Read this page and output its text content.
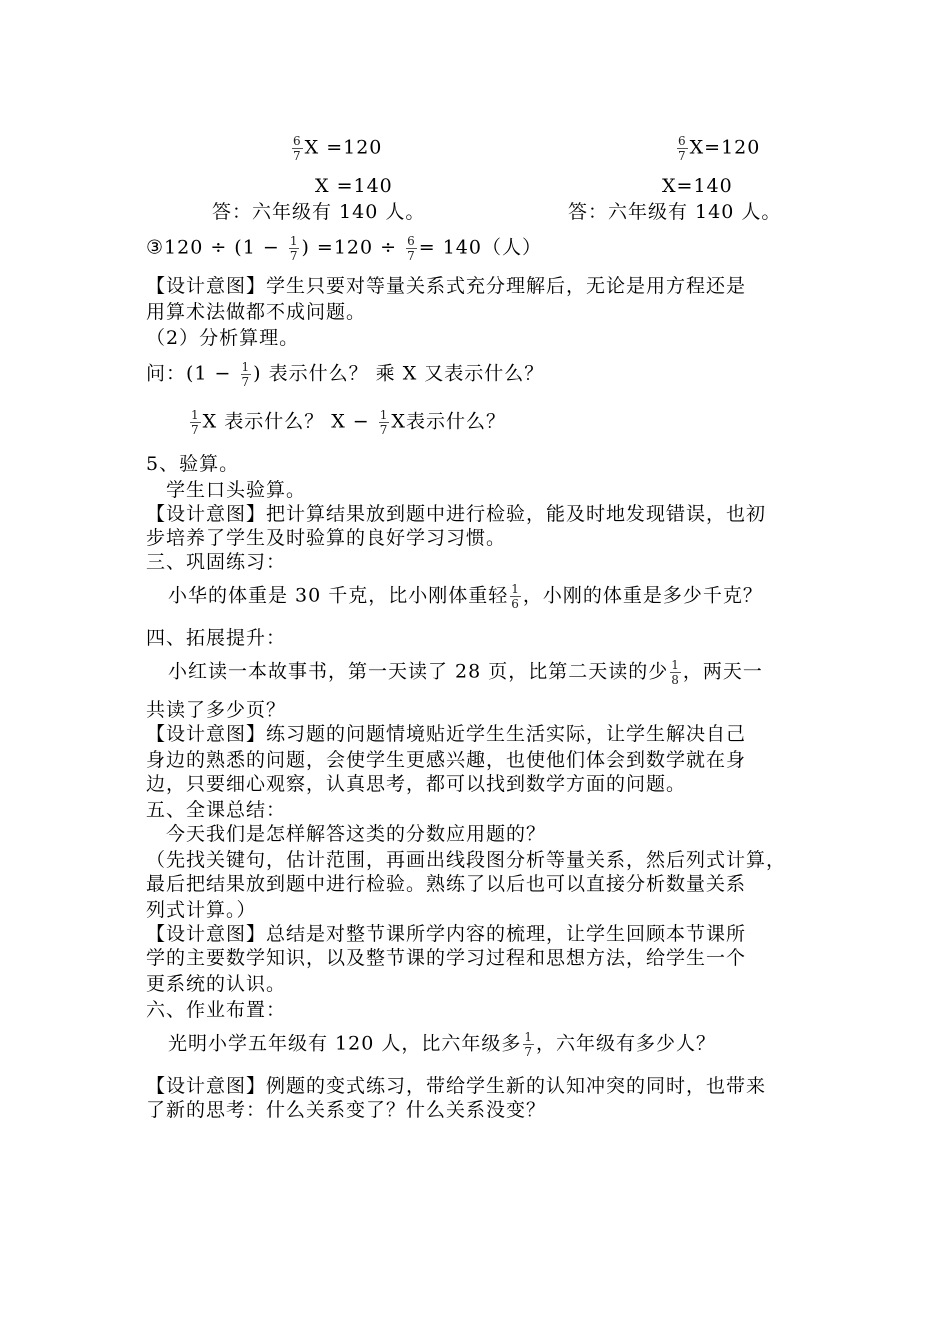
$\frac{6}{7}$ X =120	$\frac{6}{7} X=120$
X =140	X=140
答：六年级有 140 人。	答：六年级有 140 人。
③120 ÷ ($1 - \frac{1}{7}$ ) $=120 \div \frac{6}{7} = 140$（人）
【设计意图】学生只要对等量关系式充分理解后，无论是用方程还是
用算术法做都不成问题。
（2）分析算理。
问：($1 - \frac{1}{7}$ ) 表示什么？ 乘 X 又表示什么？
$\frac{1}{7}$ X 表示什么？ $X - \frac{1}{7}$ X表示什么？
5、验算。
学生口头验算。
【设计意图】把计算结果放到题中进行检验，能及时地发现错误，也初
步培养了学生及时验算的良好学习习惯。
三、巩固练习：
小华的体重是 30 千克，比小刚体重轻 $\frac{1}{6}$ ，小刚的体重是多少千克？
四、拓展提升：
小红读一本故事书，第一天读了 28 页，比第二天读的少 $\frac{1}{8}$ ，两天一
共读了多少页？
【设计意图】练习题的问题情境贴近学生生活实际，让学生解决自己
身边的熟悉的问题，会使学生更感兴趣，也使他们体会到数学就在身
边，只要细心观察，认真思考，都可以找到数学方面的问题。
五、全课总结：
今天我们是怎样解答这类的分数应用题的？
（先找关键句，估计范围，再画出线段图分析等量关系，然后列式计算，
最后把结果放到题中进行检验。熟练了以后也可以直接分析数量关系
列式计算。）
【设计意图】总结是对整节课所学内容的梳理，让学生回顾本节课所
学的主要数学知识，以及整节课的学习过程和思想方法，给学生一个
更系统的认识。
六、作业布置：
光明小学五年级有 120 人，比六年级多 $\frac{1}{7}$ ，六年级有多少人？
【设计意图】例题的变式练习，带给学生新的认知冲突的同时，也带来
了新的思考：什么关系变了？什么关系没变？
